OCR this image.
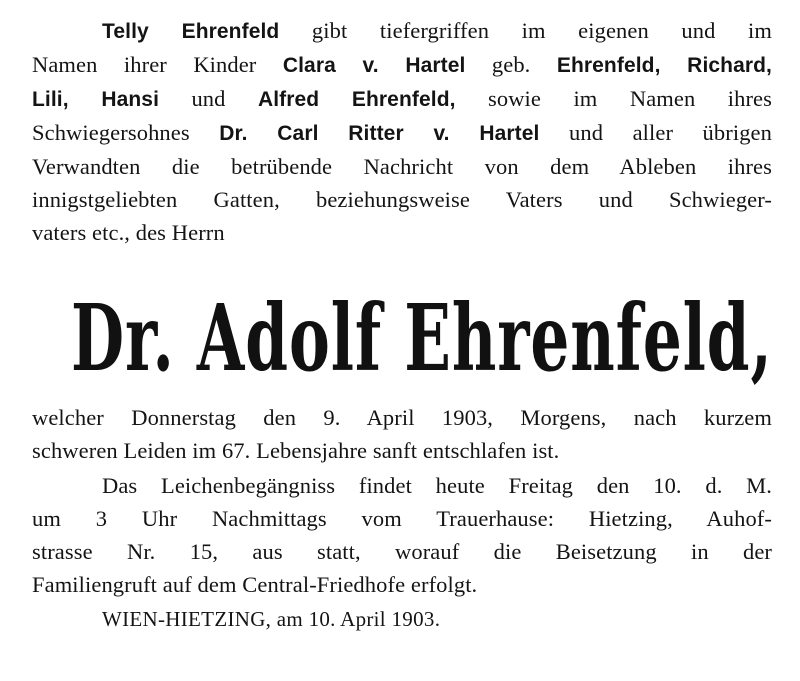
Telly Ehrenfeld gibt tiefergriffen im eigenen und im
Namen ihrer Kinder Clara v. Hartel geb. Ehrenfeld, Richard,
Lili, Hansi und Alfred Ehrenfeld, sowie im Namen ihres
Schwiegersohnes Dr. Carl Ritter v. Hartel und aller übrigen
Verwandten die betrübende Nachricht von dem Ableben ihres
innigstgeliebten Gatten, beziehungsweise Vaters und Schwieger-
vaters etc., des Herrn
Dr. Adolf Ehrenfeld,
welcher Donnerstag den 9. April 1903, Morgens, nach kurzem
schweren Leiden im 67. Lebensjahre sanft entschlafen ist.
Das Leichenbegängniss findet heute Freitag den 10. d. M.
um 3 Uhr Nachmittags vom Trauerhause: Hietzing, Auhof-
strasse Nr. 15, aus statt, worauf die Beisetzung in der
Familiengruft auf dem Central-Friedhofe erfolgt.
WIEN-HIETZING, am 10. April 1903.
